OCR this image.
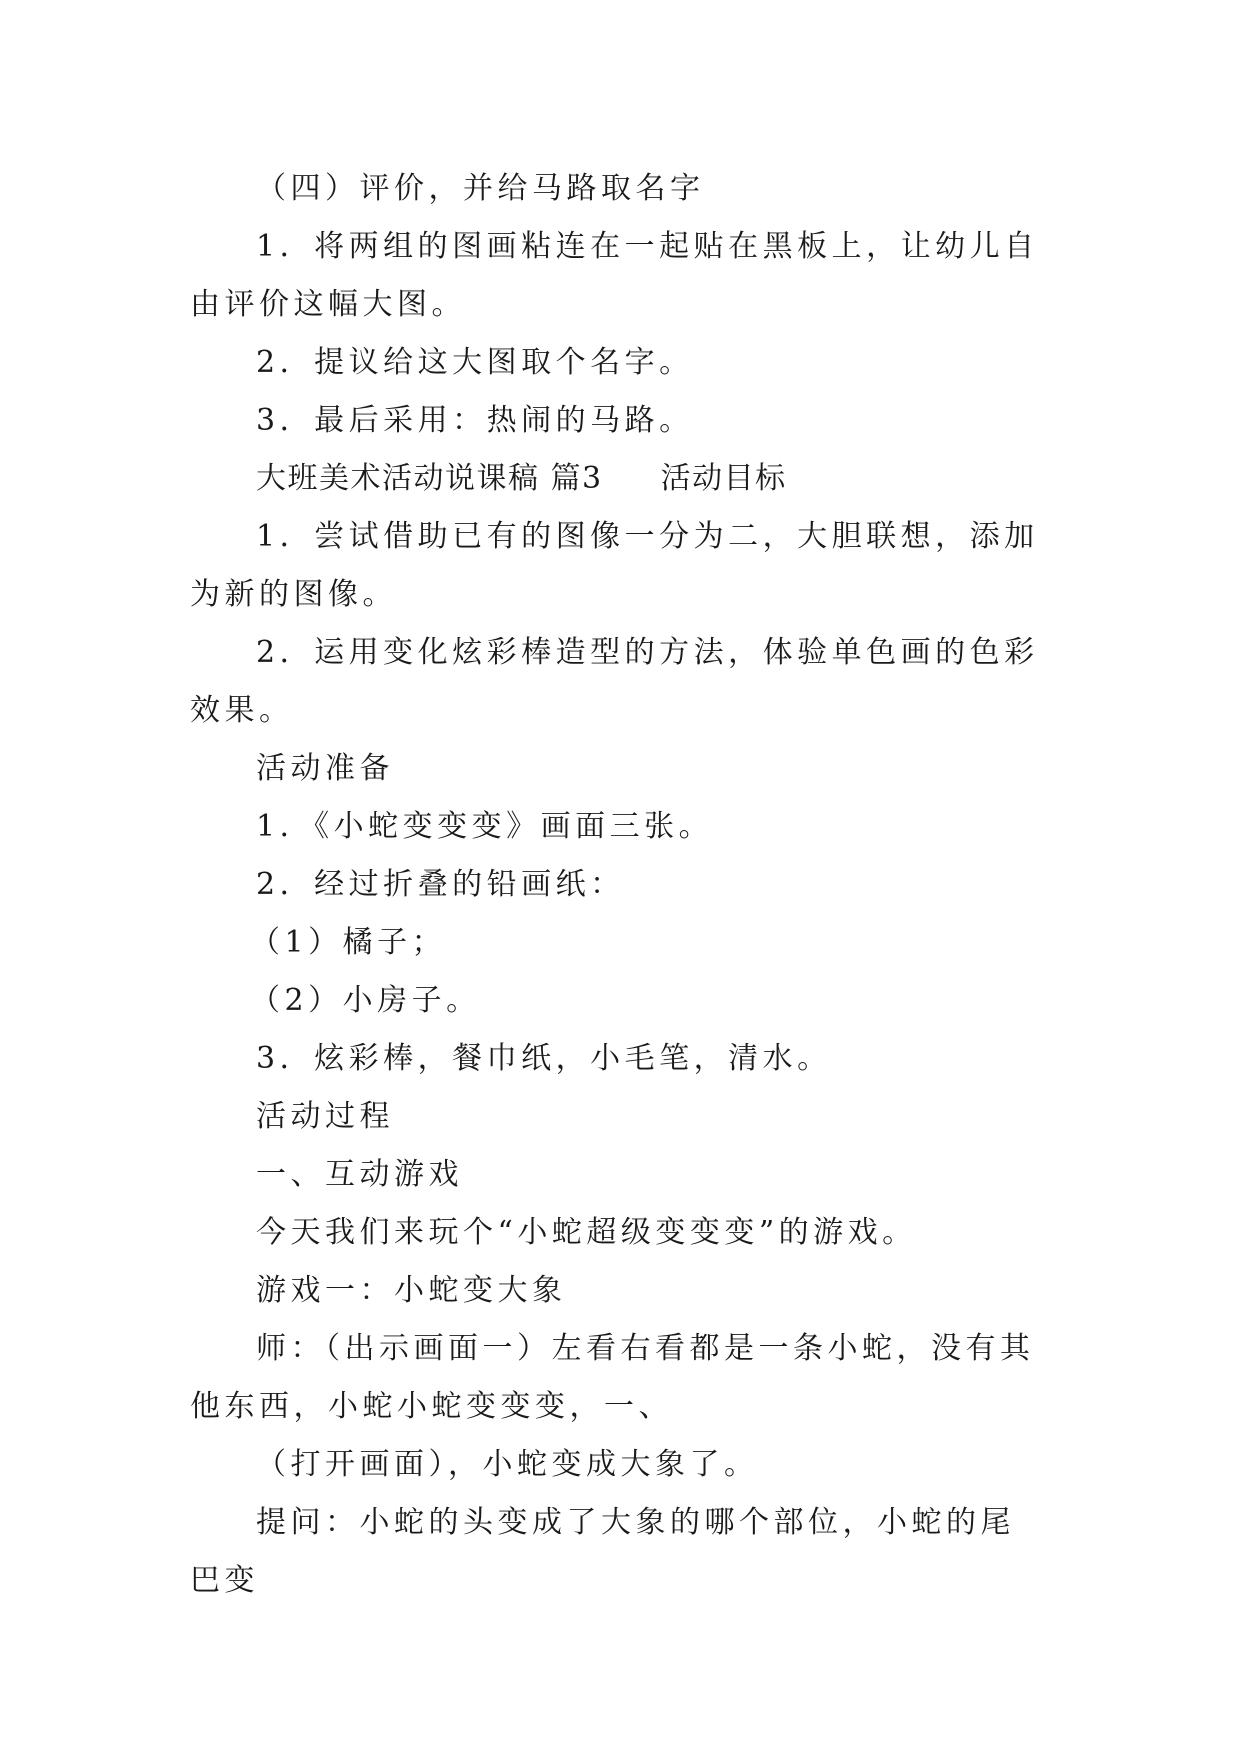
（四）评价，并给马路取名字

1．将两组的图画粘连在一起贴在黑板上，让幼儿自由评价这幅大图。

2．提议给这大图取个名字。

3．最后采用：热闹的马路。

大班美术活动说课稿 篇3 活动目标

1．尝试借助已有的图像一分为二，大胆联想，添加为新的图像。

2．运用变化炫彩棒造型的方法，体验单色画的色彩效果。

活动准备

1．《小蛇变变变》画面三张。

2．经过折叠的铅画纸：

（1）橘子；

（2）小房子。

3．炫彩棒，餐巾纸，小毛笔，清水。

活动过程

一、互动游戏

今天我们来玩个“小蛇超级变变变”的游戏。

游戏一：小蛇变大象

师：（出示画面一）左看右看都是一条小蛇，没有其他东西，小蛇小蛇变变变，一、

（打开画面），小蛇变成大象了。

提问：小蛇的头变成了大象的哪个部位，小蛇的尾巴变
